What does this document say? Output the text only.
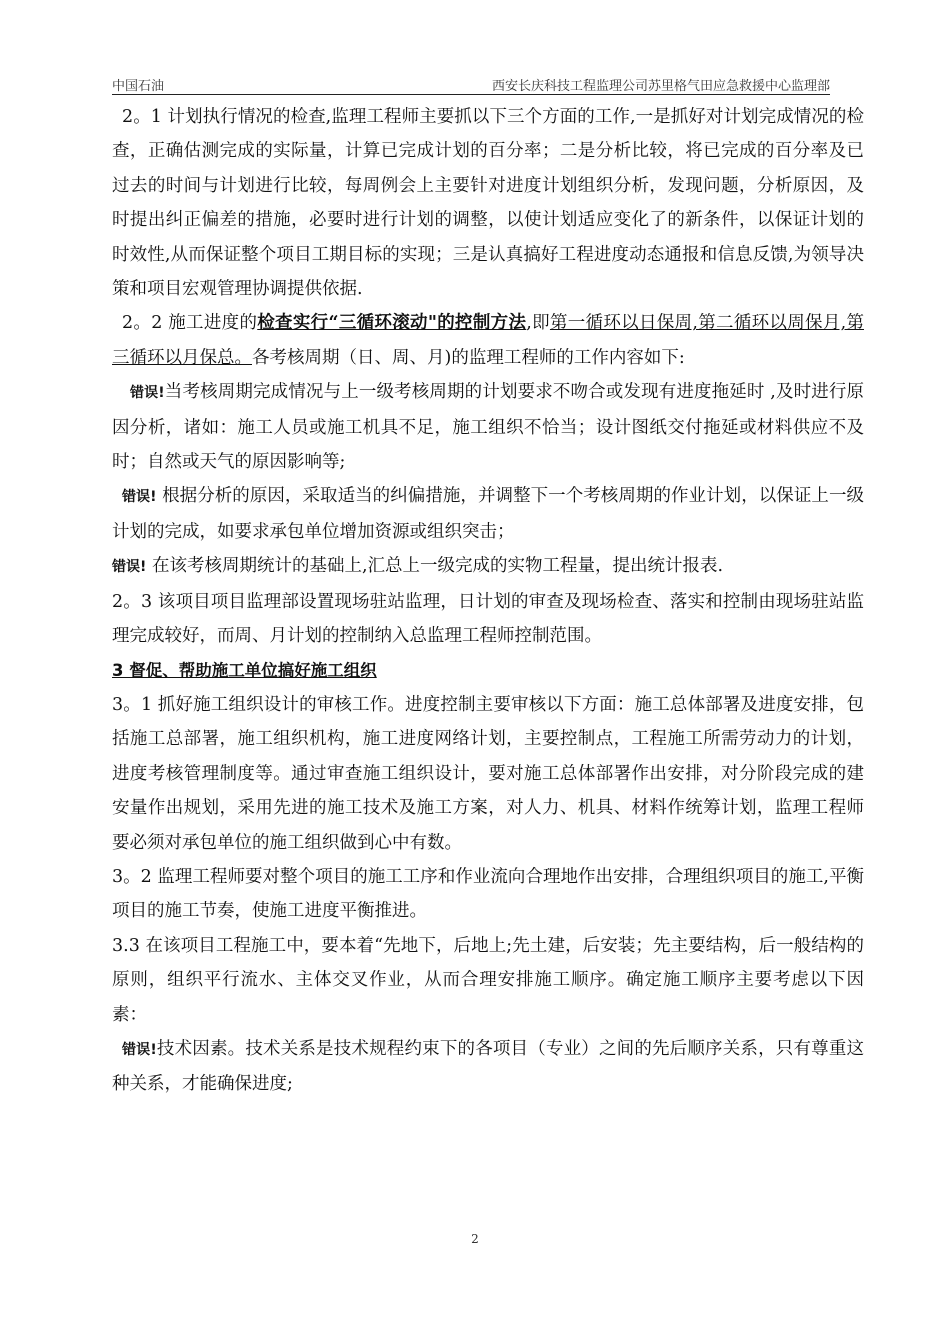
中国石油	西安长庆科技工程监理公司苏里格气田应急救援中心监理部

2。1 计划执行情况的检查,监理工程师主要抓以下三个方面的工作,一是抓好对计划完成情况的检查，正确估测完成的实际量，计算已完成计划的百分率；二是分析比较，将已完成的百分率及已过去的时间与计划进行比较，每周例会上主要针对进度计划组织分析，发现问题，分析原因，及时提出纠正偏差的措施，必要时进行计划的调整，以使计划适应变化了的新条件，以保证计划的时效性,从而保证整个项目工期目标的实现；三是认真搞好工程进度动态通报和信息反馈,为领导决策和项目宏观管理协调提供依据.

2。2 施工进度的检查实行“三循环滚动"的控制方法,即第一循环以日保周,第二循环以周保月,第三循环以月保总。各考核周期（日、周、月)的监理工程师的工作内容如下:

错误!当考核周期完成情况与上一级考核周期的计划要求不吻合或发现有进度拖延时 ,及时进行原因分析，诸如：施工人员或施工机具不足，施工组织不恰当；设计图纸交付拖延或材料供应不及时；自然或天气的原因影响等;

错误! 根据分析的原因，采取适当的纠偏措施，并调整下一个考核周期的作业计划，以保证上一级计划的完成，如要求承包单位增加资源或组织突击；

错误! 在该考核周期统计的基础上,汇总上一级完成的实物工程量，提出统计报表.

2。3 该项目项目监理部设置现场驻站监理，日计划的审查及现场检查、落实和控制由现场驻站监理完成较好，而周、月计划的控制纳入总监理工程师控制范围。

3 督促、帮助施工单位搞好施工组织

3。1 抓好施工组织设计的审核工作。进度控制主要审核以下方面：施工总体部署及进度安排，包括施工总部署，施工组织机构，施工进度网络计划，主要控制点，工程施工所需劳动力的计划，进度考核管理制度等。通过审查施工组织设计，要对施工总体部署作出安排，对分阶段完成的建安量作出规划，采用先进的施工技术及施工方案，对人力、机具、材料作统筹计划，监理工程师要必须对承包单位的施工组织做到心中有数。

3。2 监理工程师要对整个项目的施工工序和作业流向合理地作出安排，合理组织项目的施工,平衡项目的施工节奏，使施工进度平衡推进。

3.3 在该项目工程施工中，要本着“先地下，后地上;先土建，后安装；先主要结构，后一般结构的原则，组织平行流水、主体交叉作业，从而合理安排施工顺序。确定施工顺序主要考虑以下因素：

错误!技术因素。技术关系是技术规程约束下的各项目（专业）之间的先后顺序关系，只有尊重这种关系，才能确保进度;

2
